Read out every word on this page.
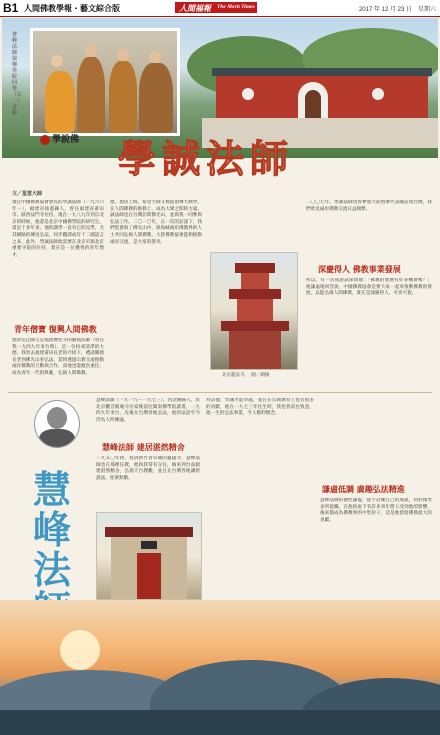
B1 人間佛教學報・藝文綜合版	人間福報 The Merit Times	2017 年 12 月 23 日　星期六
慧峰法師與佛學院同學（左一）合影
學說佛 學誠法師
文／星雲大師
現任中國佛教協會會長的學誠法師（一九六六年－），福建省仙遊縣人，曾任福建省莆田市、陝西法門寺住持，現在一九八九年到京北京的時候，他還是北京中國佛學院的研究生，還是十多年來，他的講學一直有它的見學，尤其網路的傳送弘法，同步翻譯成有十二國語言之多，此外，學誠法師他需要在北京市與北京重要寺院的住持，實在是一位優秀的青年僧才。
青年僧寶 復興人間佛教
他的信止師父是福建廣化寺的圓拙法師（曾任我一九四九年來台時），是一位持戒清淨的大德，我曾去福建莆田長老的介紹下，禮請圓拙長老到佛光山來弘法，當時透過宗教交流推動兩岸佛教的互動與合作，而他也能擔負重任，成為青年一代的典範，弘揚人間佛教。
他，現居上海，希望大師又被提倡聲大興學，在人間佛教的推動上，成為大眾之間的力量。誠法師也在台灣訪問佛光山，並與我一同參與弘法工作。二〇一〇年，在一次的訪談下，我們集會與了佛光山中，與海峽兩岸佛教界的人士共同弘揚人間佛教，大陸佛教協會能夠推動兩岸交流，是大家的榮幸。
北京龍泉寺。　圖／網摘
二〇〇七年，學誠法師也曾參加大陸僧眾代表團訪問台灣，我們欣見兩岸佛教交流日益頻繁。
深慶得人 佛教事業發展
所以，有一次我說試探問他：「佛教的發展有好多機會嗎？」他謙虛地回答說，中國佛教協會是要大家一起來推動佛教的發展，以能弘揚人間佛教，實在是深慶得人，可喜可賀。
慧峰法
慧峰法師（一九一九－一九七三），河北饒陽人，於北京觀音殿庵寺出家後前往閩南佛學院讀書，一九四九年來台，先後在台灣各地弘法，他的法語至今仍為人所傳誦。
慧峰法師 建居湛然精舍
一九五〇年初，我到新竹青草湖的靈隱寺，慧峰法師也在那裡任教，他和我常有交往，後來到台南創建湛然精舍，弘揚天台教觀，並且在台灣各地講經說法，度眾無數。
拜訪他，學識才能卓越，並且在宗教教育上也有很多的貢獻，他在一九七三年往生時，我也曾前往致意，他一生的弘法事業，令人敬仰懷念。
謙虛低調 廣趣弘法精進
慧峰法師的個性謙虛，從不誇耀自己的成就，對於後學多所提攜，在他的座下有許多青年僧人受到他的影響，後來都成為佛教界的中堅份子，這是他留給佛教最大的貢獻。
